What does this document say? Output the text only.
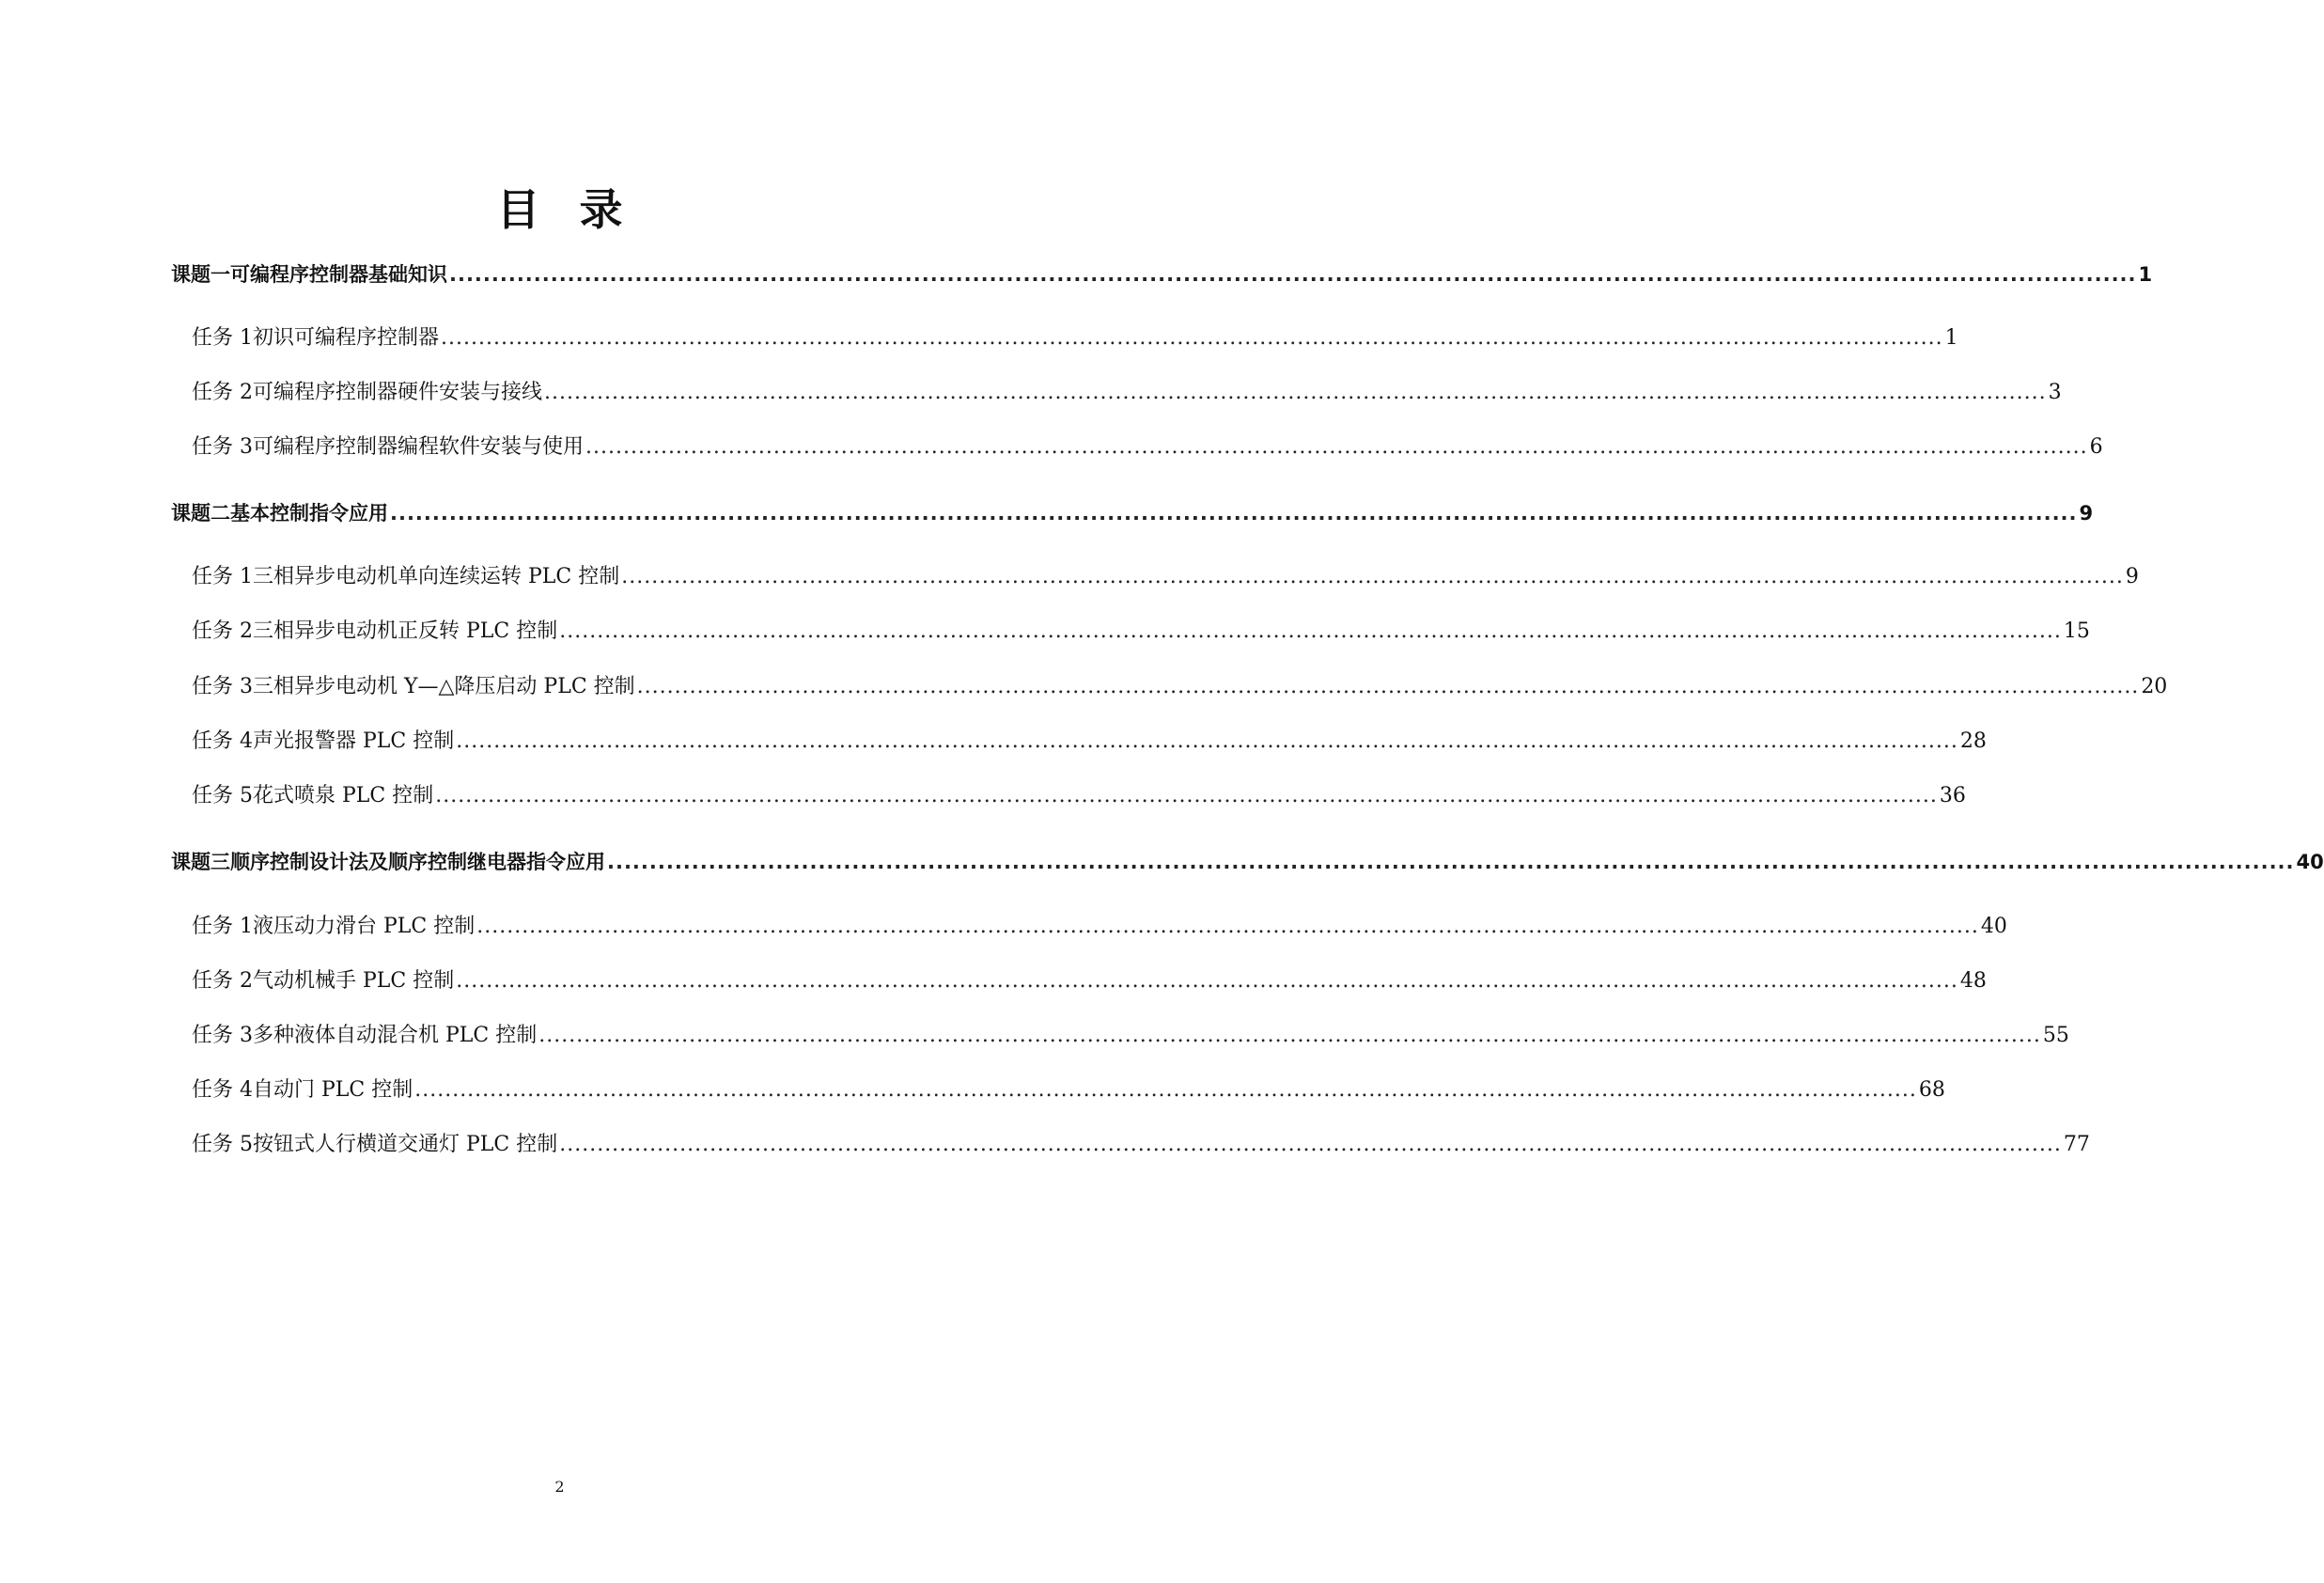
目 录
课题一 可编程序控制器基础知识 ........................................................................................................................................................................................................ 1
任务 1 初识可编程序控制器 ........................................................................................................................................................................................................ 1
任务 2 可编程序控制器硬件安装与接线 ........................................................................................................................................................................................................ 3
任务 3 可编程序控制器编程软件安装与使用 ........................................................................................................................................................................................................ 6
课题二 基本控制指令应用 ........................................................................................................................................................................................................ 9
任务 1 三相异步电动机单向连续运转 PLC 控制 ........................................................................................................................................................................................................ 9
任务 2 三相异步电动机正反转 PLC 控制 ........................................................................................................................................................................................................ 15
任务 3 三相异步电动机 Y—△降压启动 PLC 控制 ........................................................................................................................................................................................................ 20
任务 4 声光报警器 PLC 控制 ........................................................................................................................................................................................................ 28
任务 5 花式喷泉 PLC 控制 ........................................................................................................................................................................................................ 36
课题三 顺序控制设计法及顺序控制继电器指令应用 ........................................................................................................................................................................................................ 40
任务 1 液压动力滑台 PLC 控制 ........................................................................................................................................................................................................ 40
任务 2 气动机械手 PLC 控制 ........................................................................................................................................................................................................ 48
任务 3 多种液体自动混合机 PLC 控制 ........................................................................................................................................................................................................ 55
任务 4 自动门 PLC 控制 ........................................................................................................................................................................................................ 68
任务 5 按钮式人行横道交通灯 PLC 控制 ........................................................................................................................................................................................................ 77
2
